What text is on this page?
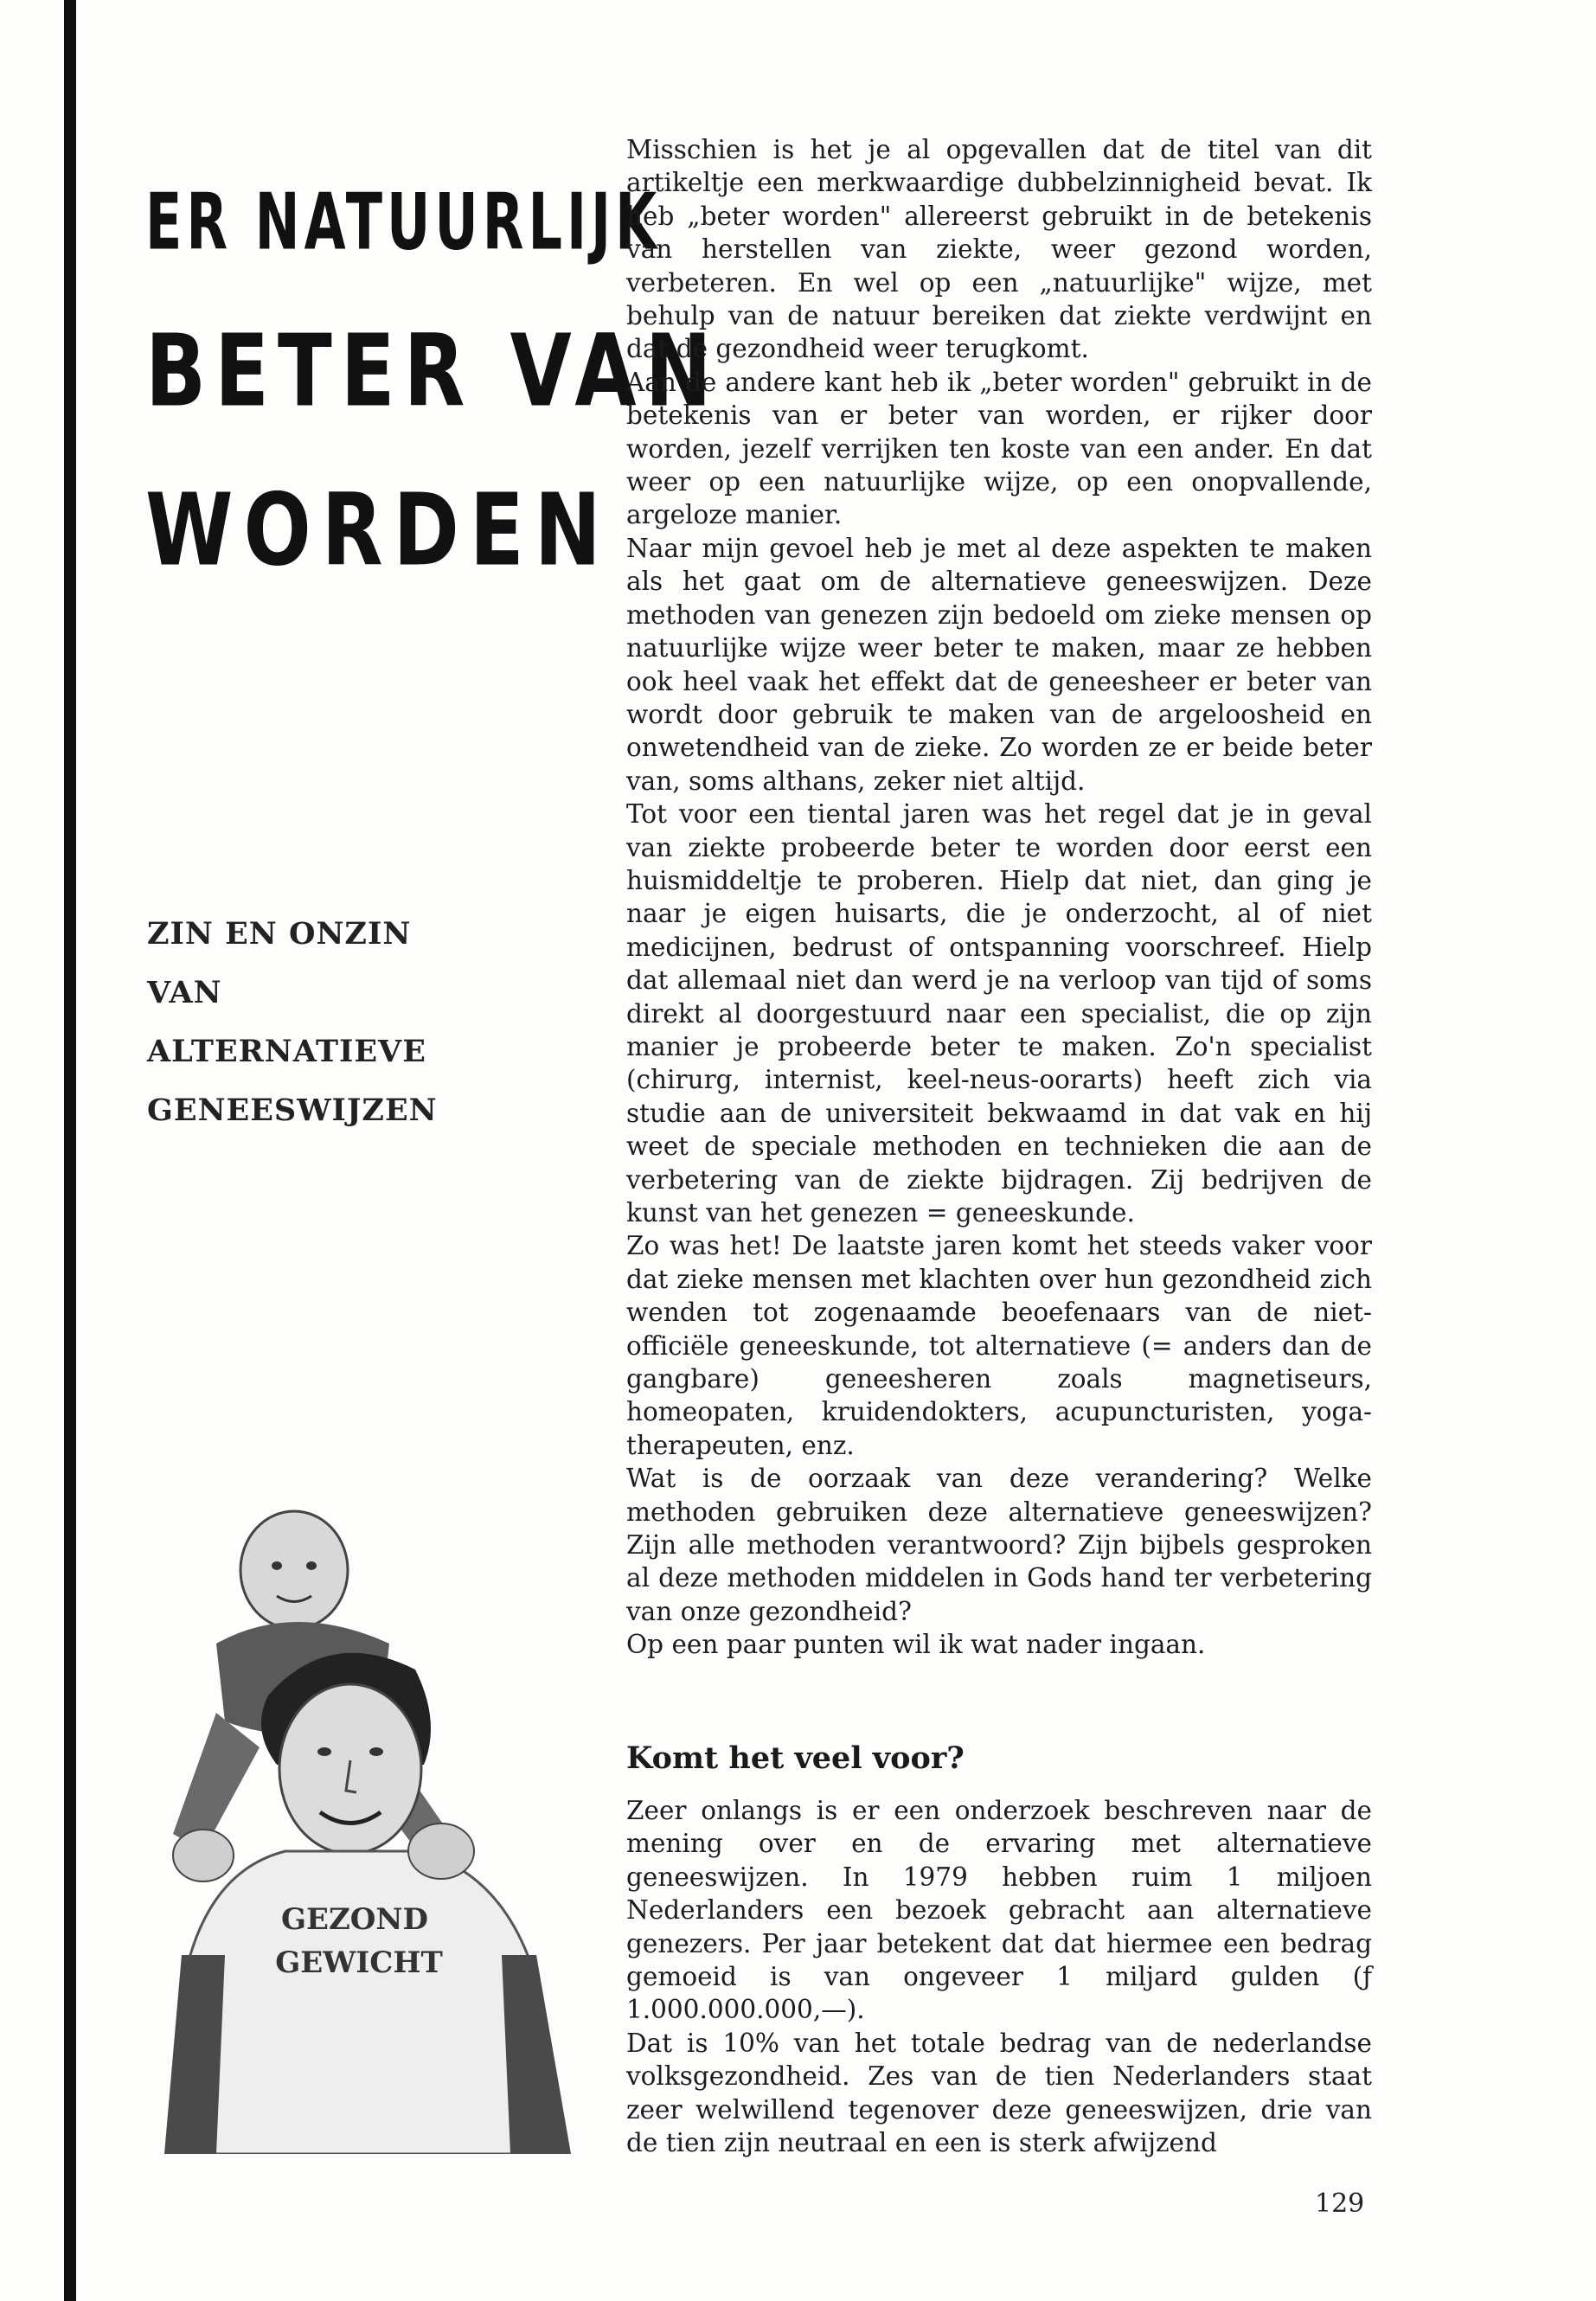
ER NATUURLIJK
BETER VAN
WORDEN
ZIN EN ONZIN
VAN
ALTERNATIEVE
GENEESWIJZEN
GEZOND
GEWICHT

Misschien is het je al opgevallen dat de titel van dit artikeltje een merkwaardige dubbelzinnigheid bevat. Ik heb „beter worden" allereerst gebruikt in de betekenis van herstellen van ziekte, weer gezond worden, verbeteren. En wel op een „natuurlijke" wijze, met behulp van de natuur bereiken dat ziekte verdwijnt en dat de gezondheid weer terugkomt.

Aan de andere kant heb ik „beter worden" gebruikt in de betekenis van er beter van worden, er rijker door worden, jezelf verrijken ten koste van een ander. En dat weer op een natuurlijke wijze, op een onopvallende, argeloze manier.

Naar mijn gevoel heb je met al deze aspekten te maken als het gaat om de alternatieve geneeswijzen. Deze methoden van genezen zijn bedoeld om zieke mensen op natuurlijke wijze weer beter te maken, maar ze hebben ook heel vaak het effekt dat de geneesheer er beter van wordt door gebruik te maken van de argeloosheid en onwetendheid van de zieke. Zo worden ze er beide beter van, soms althans, zeker niet altijd.

Tot voor een tiental jaren was het regel dat je in geval van ziekte probeerde beter te worden door eerst een huismiddeltje te proberen. Hielp dat niet, dan ging je naar je eigen huisarts, die je onderzocht, al of niet medicijnen, bedrust of ontspanning voorschreef. Hielp dat allemaal niet dan werd je na verloop van tijd of soms direkt al doorgestuurd naar een specialist, die op zijn manier je probeerde beter te maken. Zo'n specialist (chirurg, internist, keel-neus-oorarts) heeft zich via studie aan de universiteit bekwaamd in dat vak en hij weet de speciale methoden en technieken die aan de verbetering van de ziekte bijdragen. Zij bedrijven de kunst van het genezen = geneeskunde.

Zo was het! De laatste jaren komt het steeds vaker voor dat zieke mensen met klachten over hun gezondheid zich wenden tot zogenaamde beoefenaars van de niet-officiële geneeskunde, tot alternatieve (= anders dan de gangbare) geneesheren zoals magnetiseurs, homeopaten, kruidendokters, acupuncturisten, yoga-therapeuten, enz.

Wat is de oorzaak van deze verandering? Welke methoden gebruiken deze alternatieve geneeswijzen? Zijn alle methoden verantwoord? Zijn bijbels gesproken al deze methoden middelen in Gods hand ter verbetering van onze gezondheid?

Op een paar punten wil ik wat nader ingaan.

Komt het veel voor?

Zeer onlangs is er een onderzoek beschreven naar de mening over en de ervaring met alternatieve geneeswijzen. In 1979 hebben ruim 1 miljoen Nederlanders een bezoek gebracht aan alternatieve genezers. Per jaar betekent dat dat hiermee een bedrag gemoeid is van ongeveer 1 miljard gulden (ƒ 1.000.000.000,—).

Dat is 10% van het totale bedrag van de nederlandse volksgezondheid. Zes van de tien Nederlanders staat zeer welwillend tegenover deze geneeswijzen, drie van de tien zijn neutraal en een is sterk afwijzend

129
